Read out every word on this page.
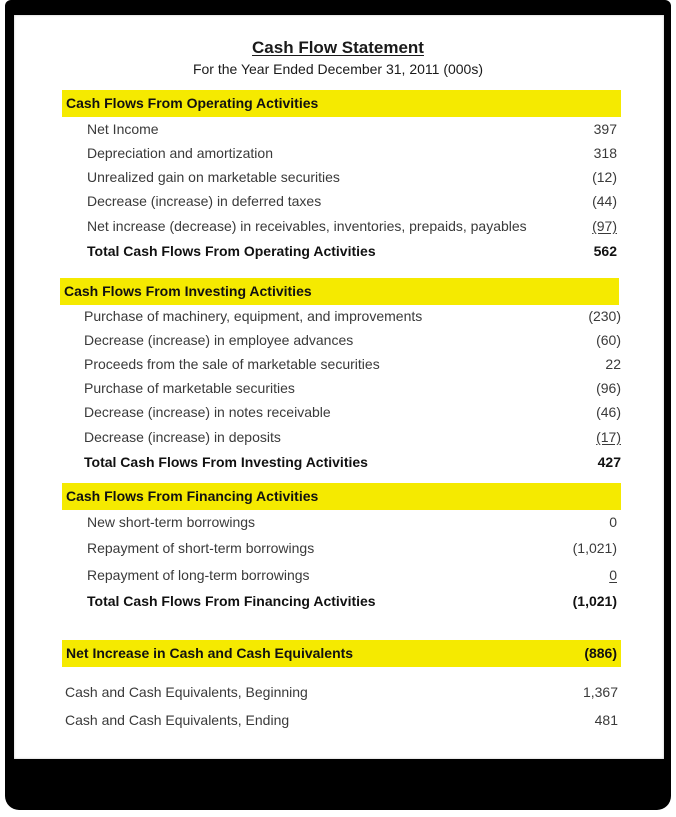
Cash Flow Statement
For the Year Ended December 31, 2011 (000s)
Cash Flows From Operating Activities
Net Income	397
Depreciation and amortization	318
Unrealized gain on marketable securities	(12)
Decrease (increase) in deferred taxes	(44)
Net increase (decrease) in receivables, inventories, prepaids, payables	(97)
Total Cash Flows From Operating Activities	562
Cash Flows From Investing Activities
Purchase of machinery, equipment, and improvements	(230)
Decrease (increase) in employee advances	(60)
Proceeds from the sale of marketable securities	22
Purchase of marketable securities	(96)
Decrease (increase) in notes receivable	(46)
Decrease (increase) in deposits	(17)
Total Cash Flows From Investing Activities	427
Cash Flows From Financing Activities
New short-term borrowings	0
Repayment of short-term borrowings	(1,021)
Repayment of long-term borrowings	0
Total Cash Flows From Financing Activities	(1,021)
Net Increase in Cash and Cash Equivalents	(886)
Cash and Cash Equivalents, Beginning	1,367
Cash and Cash Equivalents, Ending	481
